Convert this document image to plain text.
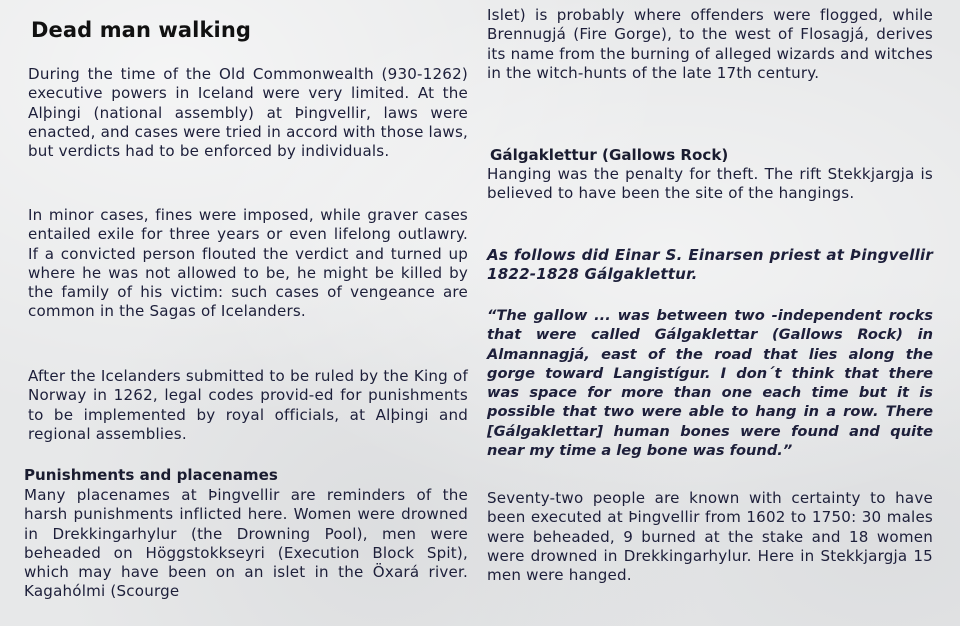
Dead man walking

During the time of the Old Commonwealth (930-1262) executive powers in Iceland were very limited. At the Alþingi (national assembly) at Þingvellir, laws were enacted, and cases were tried in accord with those laws, but verdicts had to be enforced by individuals.

In minor cases, fines were imposed, while graver cases entailed exile for three years or even lifelong outlawry. If a convicted person flouted the verdict and turned up where he was not allowed to be, he might be killed by the family of his victim: such cases of vengeance are common in the Sagas of Icelanders.

After the Icelanders submitted to be ruled by the King of Norway in 1262, legal codes provid-ed for punishments to be implemented by royal officials, at Alþingi and regional assemblies.

Punishments and placenames

Many placenames at Þingvellir are reminders of the harsh punishments inflicted here. Women were drowned in Drekkingarhylur (the Drowning Pool), men were beheaded on Höggstokkseyri (Execution Block Spit), which may have been on an islet in the Öxará river. Kagahólmi (Scourge

Islet) is probably where offenders were flogged, while Brennugjá (Fire Gorge), to the west of Flosagjá, derives its name from the burning of alleged wizards and witches in the witch-hunts of the late 17th century.

Gálgaklettur (Gallows Rock)

Hanging was the penalty for theft. The rift Stekkjargja is believed to have been the site of the hangings.

As follows did Einar S. Einarsen priest at Þingvellir 1822-1828 Gálgaklettur.

“The gallow ... was between two -independent rocks that were called Gálgaklettar (Gallows Rock) in Almannagjá, east of the road that lies along the gorge toward Langistígur. I don´t think that there was space for more than one each time but it is possible that two were able to hang in a row. There [Gálgaklettar] human bones were found and quite near my time a leg bone was found.”

Seventy-two people are known with certainty to have been executed at Þingvellir from 1602 to 1750: 30 males were beheaded, 9 burned at the stake and 18 women were drowned in Drekkingarhylur. Here in Stekkjargja 15 men were hanged.
